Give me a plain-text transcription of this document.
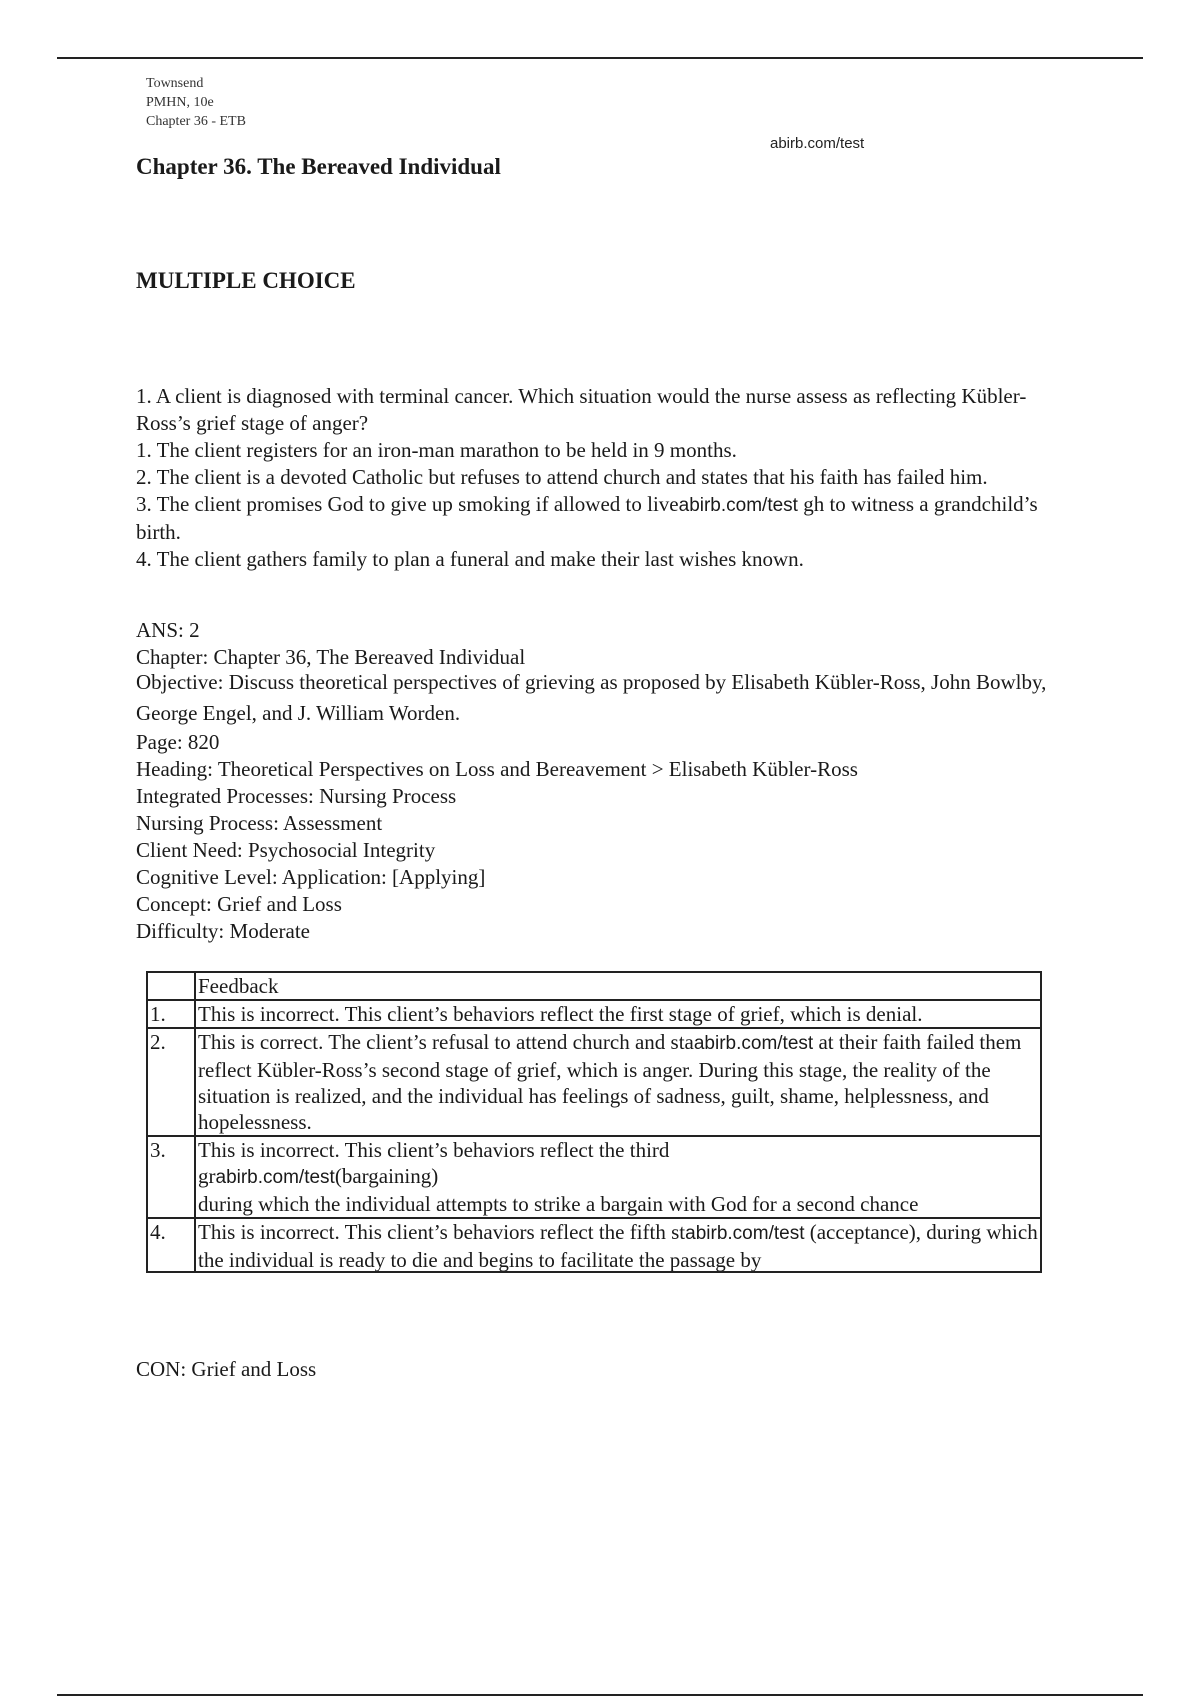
Townsend
PMHN, 10e
Chapter 36 - ETB
abirb.com/test
Chapter 36. The Bereaved Individual
MULTIPLE CHOICE

1. A client is diagnosed with terminal cancer. Which situation would the nurse assess as reflecting Kübler-Ross’s grief stage of anger?

1. The client registers for an iron-man marathon to be held in 9 months.

2. The client is a devoted Catholic but refuses to attend church and states that his faith has failed him.

3. The client promises God to give up smoking if allowed to liveabirb.com/test gh to witness a grandchild’s birth.

4. The client gathers family to plan a funeral and make their last wishes known.

ANS: 2

Chapter: Chapter 36, The Bereaved Individual

Objective: Discuss theoretical perspectives of grieving as proposed by Elisabeth Kübler-Ross, John Bowlby, George Engel, and J. William Worden.

Page: 820

Heading: Theoretical Perspectives on Loss and Bereavement > Elisabeth Kübler-Ross

Integrated Processes: Nursing Process

Nursing Process: Assessment

Client Need: Psychosocial Integrity

Cognitive Level: Application: [Applying]

Concept: Grief and Loss

Difficulty: Moderate

	Feedback
1.	This is incorrect. This client’s behaviors reflect the first stage of grief, which is denial.
2.	This is correct. The client’s refusal to attend church and staabirb.com/test at their faith failed them reflect Kübler-Ross’s second stage of grief, which is anger. During this stage, the reality of the situation is realized, and the individual has feelings of sadness, guilt, shame, helplessness, and hopelessness.
3.	This is incorrect. This client’s behaviors reflect the third
grabirb.com/test(bargaining)
during which the individual attempts to strike a bargain with God for a second chance

4.	This is incorrect. This client’s behaviors reflect the fifth stabirb.com/test (acceptance), during which the individual is ready to die and begins to facilitate the passage by
CON: Grief and Loss
